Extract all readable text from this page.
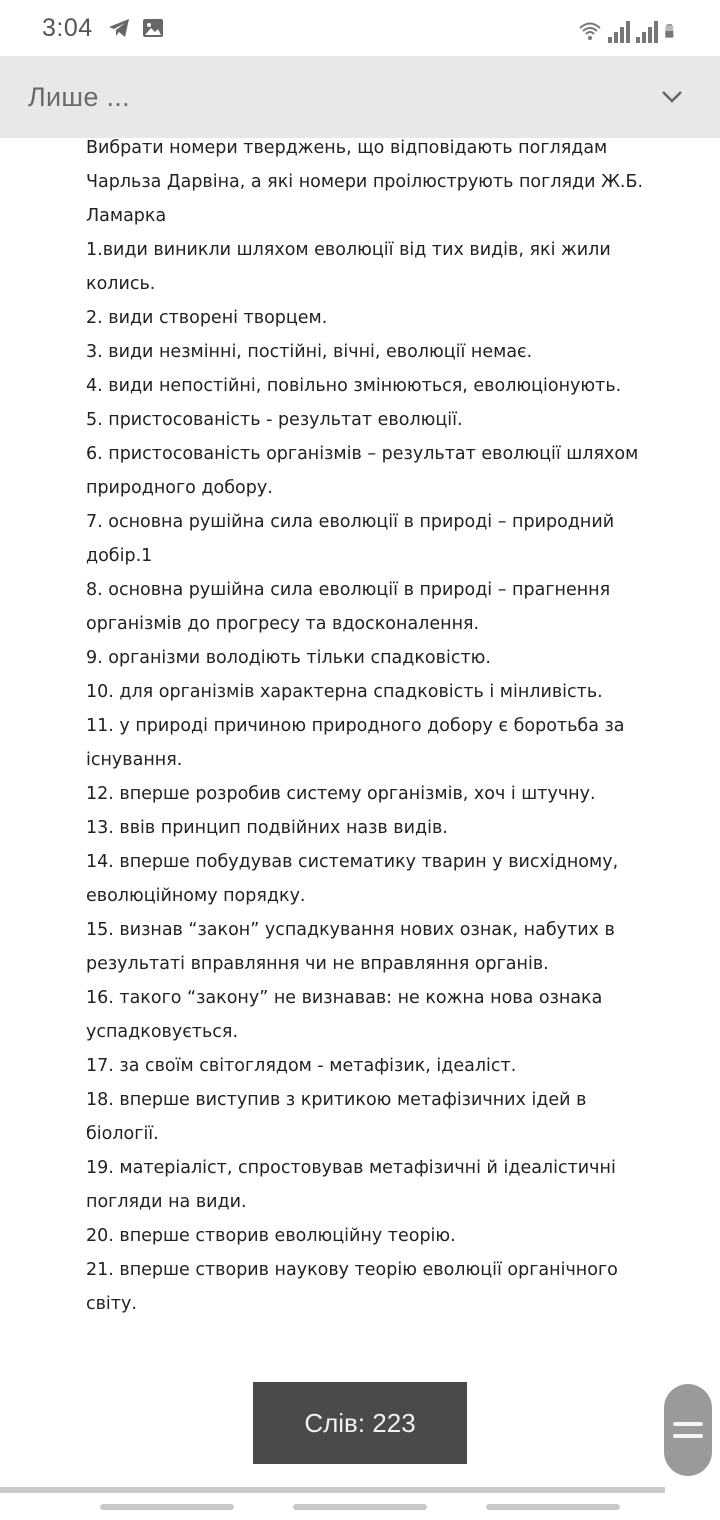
3:04
Лише ...

Вибрати номери тверджень, що відповідають поглядам Чарльза Дарвіна, а які номери проілюструють погляди Ж.Б. Ламарка

1.види виникли шляхом еволюції від тих видів, які жили колись.

2. види створені творцем.

3. види незмінні, постійні, вічні, еволюції немає.

4. види непостійні, повільно змінюються, еволюціонують.

5. пристосованість - результат еволюції.

6. пристосованість організмів – результат еволюції шляхом природного добору.

7. основна рушійна сила еволюції в природі – природний добір.1

8. основна рушійна сила еволюції в природі – прагнення організмів до прогресу та вдосконалення.

9. організми володіють тільки спадковістю.

10. для організмів характерна спадковість і мінливість.

11. у природі причиною природного добору є боротьба за існування.

12. вперше розробив систему організмів, хоч і штучну.

13. ввів принцип подвійних назв видів.

14. вперше побудував систематику тварин у висхідному, еволюційному порядку.

15. визнав “закон” успадкування нових ознак, набутих в результаті вправляння чи не вправляння органів.

16. такого “закону” не визнавав: не кожна нова ознака успадковується.

17. за своїм світоглядом - метафізик, ідеаліст.

18. вперше виступив з критикою метафізичних ідей в біології.

19. матеріаліст, спростовував метафізичні й ідеалістичні погляди на види.

20. вперше створив еволюційну теорію.

21. вперше створив наукову теорію еволюції органічного світу.

Слів: 223
